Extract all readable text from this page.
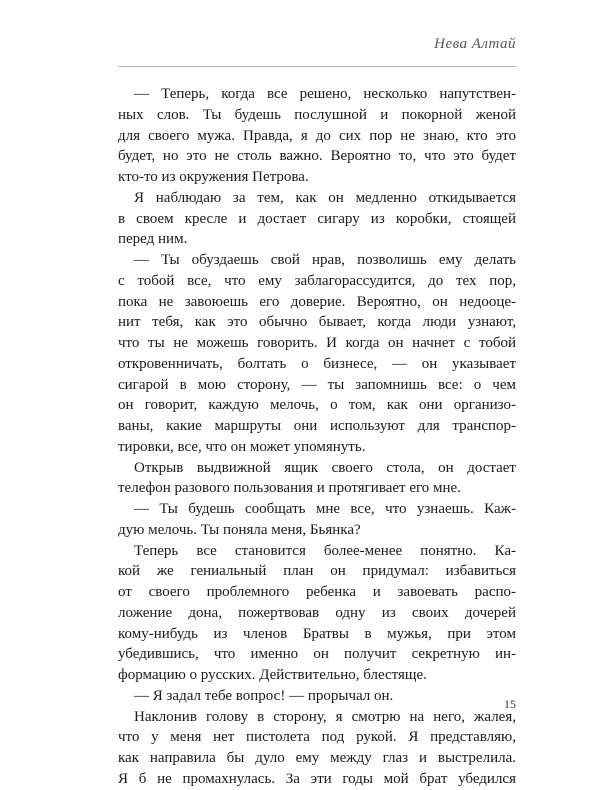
Нева Алтай
— Теперь, когда все решено, несколько напутствен-
ных слов. Ты будешь послушной и покорной женой
для своего мужа. Правда, я до сих пор не знаю, кто это
будет, но это не столь важно. Вероятно то, что это будет
кто-то из окружения Петрова.
Я наблюдаю за тем, как он медленно откидывается
в своем кресле и достает сигару из коробки, стоящей
перед ним.
— Ты обуздаешь свой нрав, позволишь ему делать
с тобой все, что ему заблагорассудится, до тех пор,
пока не завоюешь его доверие. Вероятно, он недооце-
нит тебя, как это обычно бывает, когда люди узнают,
что ты не можешь говорить. И когда он начнет с тобой
откровенничать, болтать о бизнесе, — он указывает
сигарой в мою сторону, — ты запомнишь все: о чем
он говорит, каждую мелочь, о том, как они организо-
ваны, какие маршруты они используют для транспор-
тировки, все, что он может упомянуть.
Открыв выдвижной ящик своего стола, он достает
телефон разового пользования и протягивает его мне.
— Ты будешь сообщать мне все, что узнаешь. Каж-
дую мелочь. Ты поняла меня, Бьянка?
Теперь все становится более-менее понятно. Ка-
кой же гениальный план он придумал: избавиться
от своего проблемного ребенка и завоевать распо-
ложение дона, пожертвовав одну из своих дочерей
кому-нибудь из членов Братвы в мужья, при этом
убедившись, что именно он получит секретную ин-
формацию о русских. Действительно, блестяще.
— Я задал тебе вопрос! — прорычал он.
Наклонив голову в сторону, я смотрю на него, жалея,
что у меня нет пистолета под рукой. Я представляю,
как направила бы дуло ему между глаз и выстрелила.
Я б не промахнулась. За эти годы мой брат убедился
15
